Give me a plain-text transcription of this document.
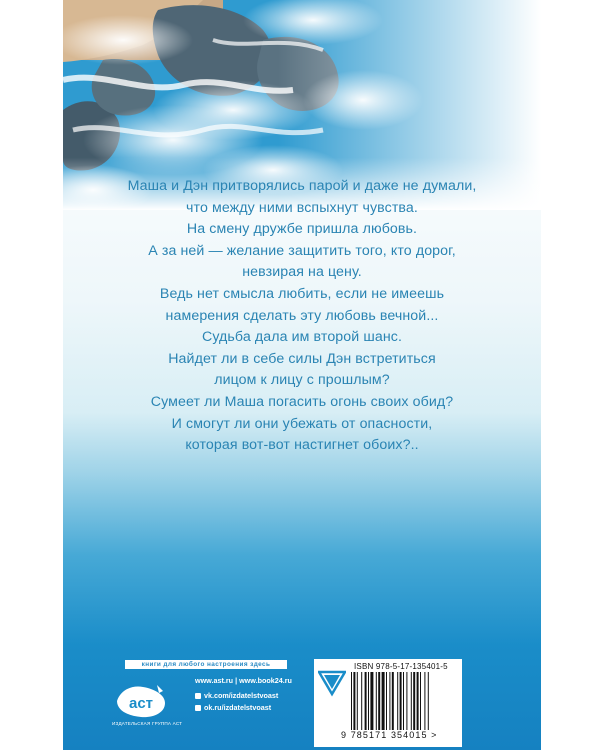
Маша и Дэн притворялись парой и даже не думали,
что между ними вспыхнут чувства.
На смену дружбе пришла любовь.
А за ней — желание защитить того, кто дорог,
невзирая на цену.
Ведь нет смысла любить, если не имеешь
намерения сделать эту любовь вечной...
Судьба дала им второй шанс.
Найдет ли в себе силы Дэн встретиться
лицом к лицу с прошлым?
Сумеет ли Маша погасить огонь своих обид?
И смогут ли они убежать от опасности,
которая вот-вот настигнет обоих?..
книги для любого настроения здесь
аст
ИЗДАТЕЛЬСКАЯ ГРУППА АСТ
www.ast.ru | www.book24.ru
vk.com/izdatelstvoast
ok.ru/izdatelstvoast
ISBN 978-5-17-135401-5
9 785171 354015 >
